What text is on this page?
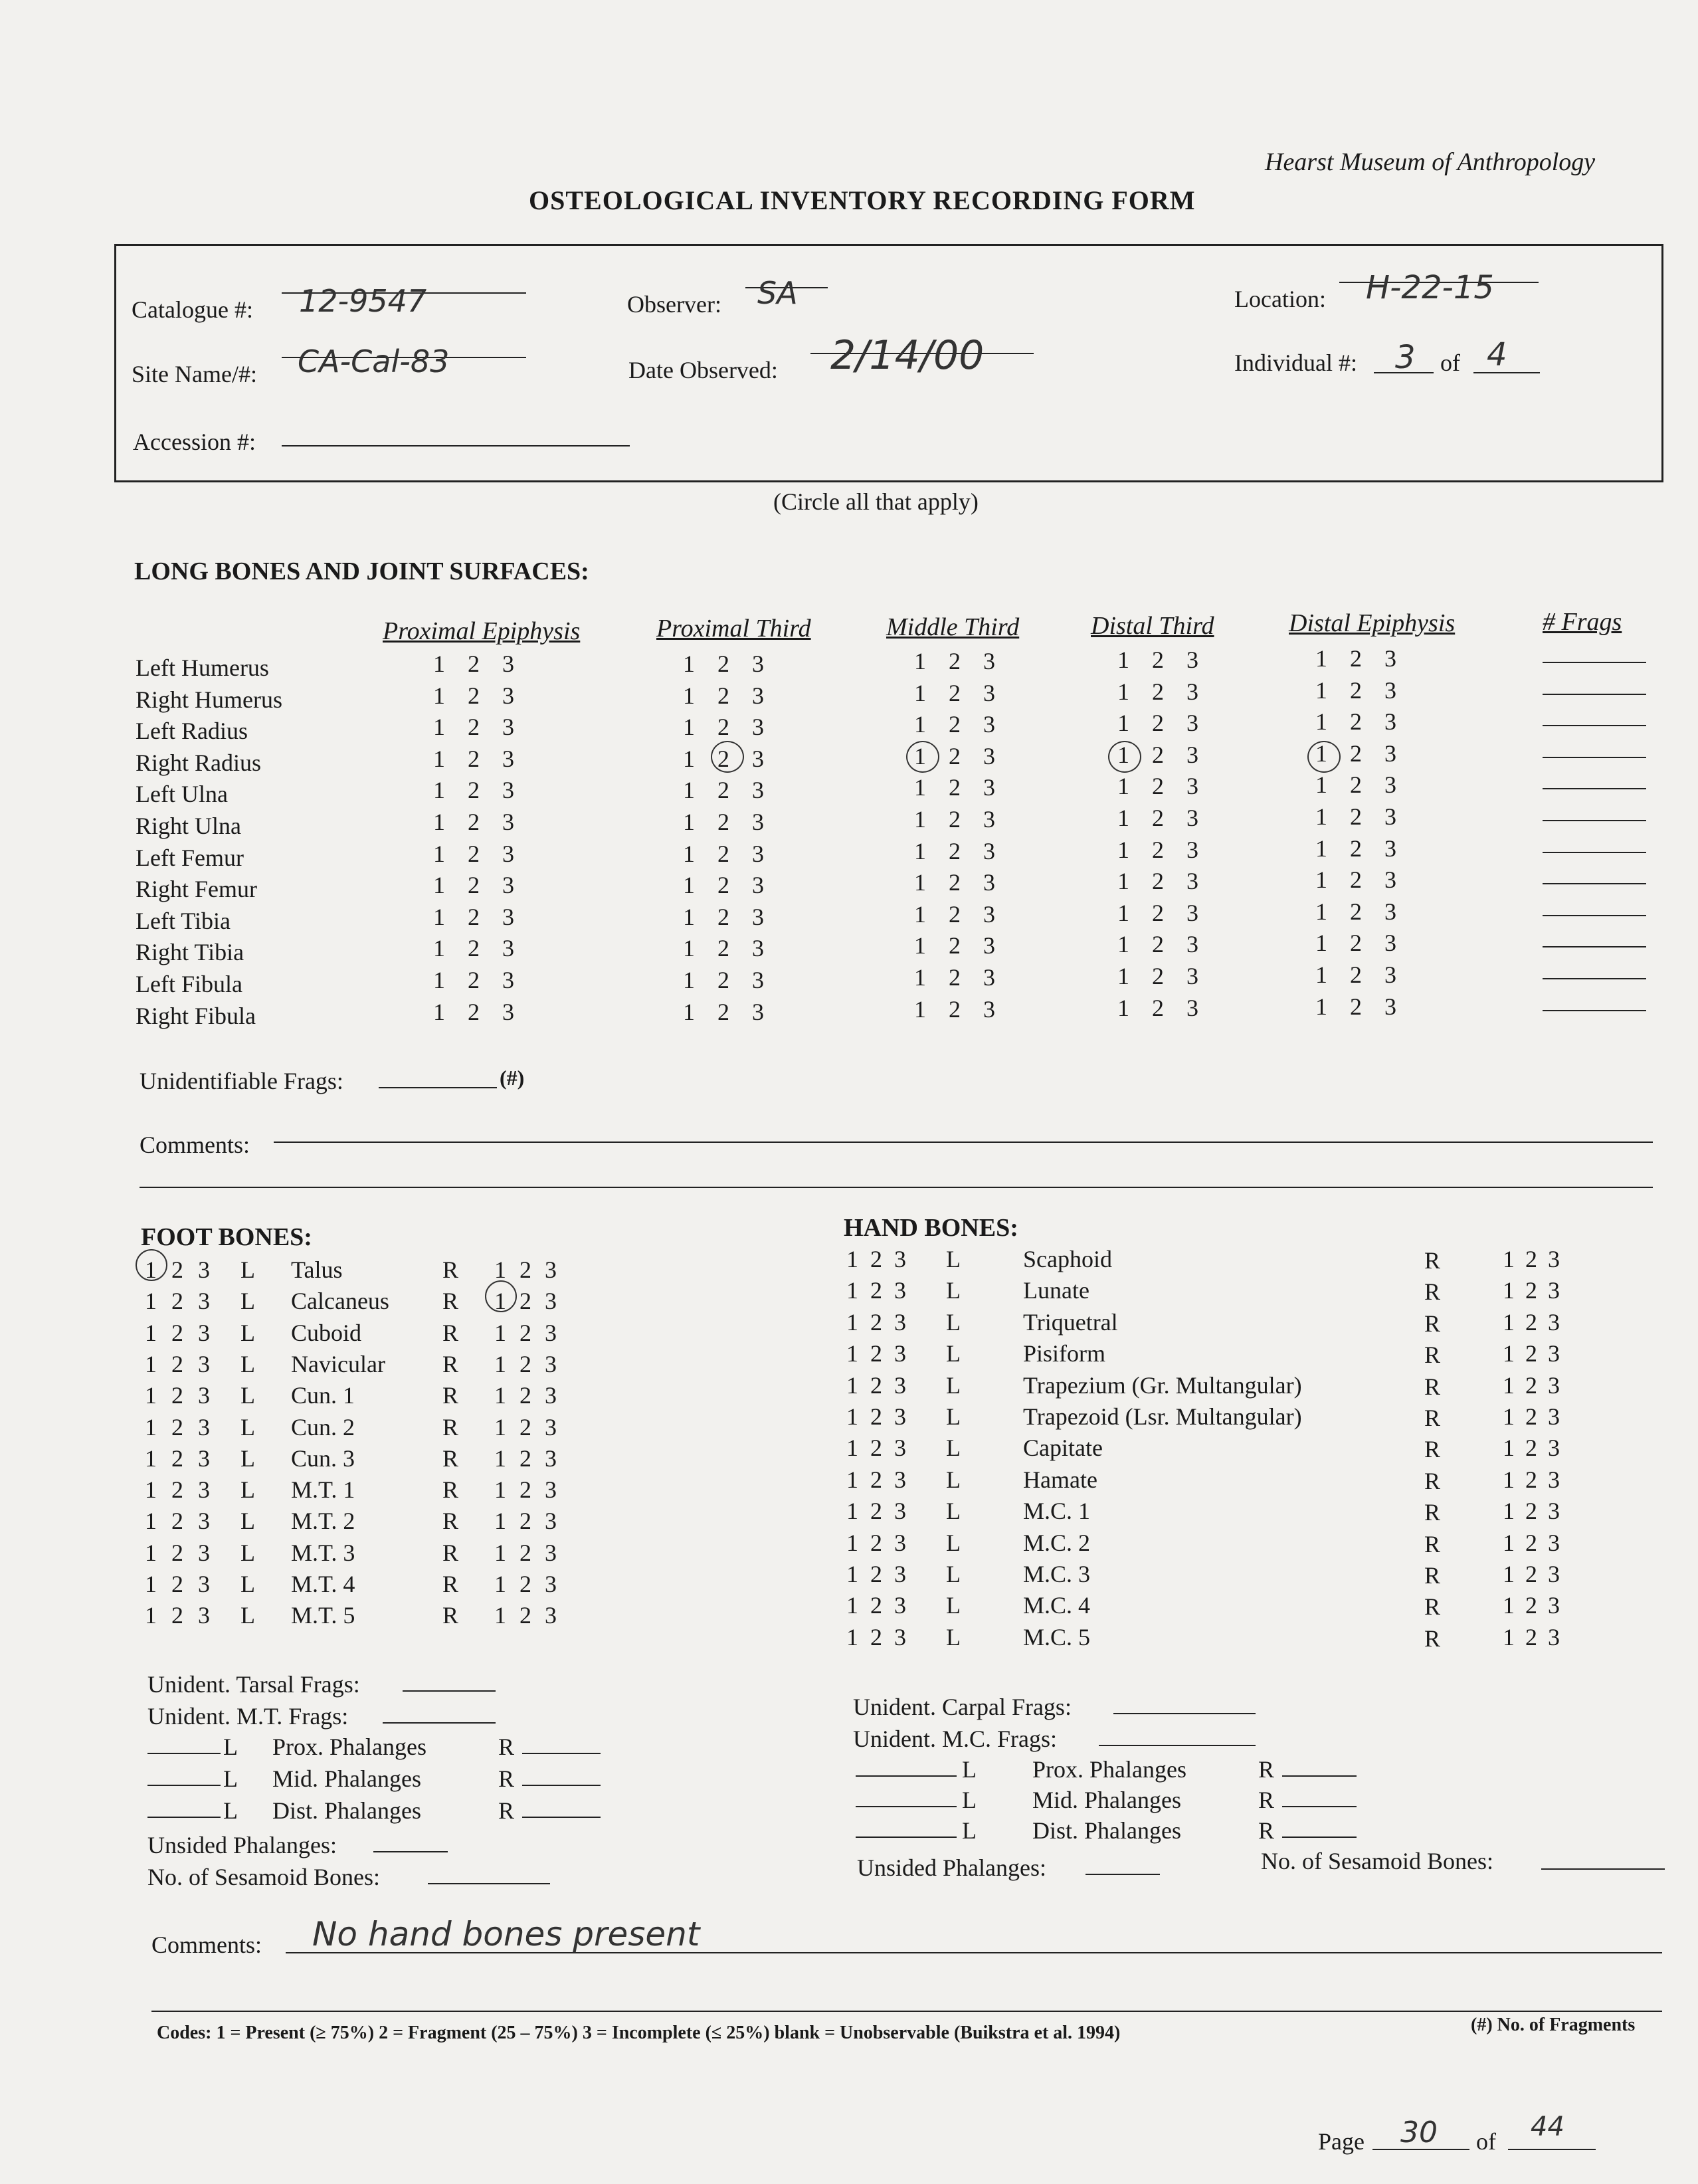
Hearst Museum of Anthropology
OSTEOLOGICAL INVENTORY RECORDING FORM
Catalogue #: 12-9547	Observer: SA	Location: H-22-15
Site Name/#: CA-Cal-83	Date Observed: 2/14/00	Individual #: 3 of 4
Accession #:
(Circle all that apply)
LONG BONES AND JOINT SURFACES:
Proximal Epiphysis	Proximal Third	Middle Third	Distal Third	Distal Epiphysis	# Frags
Left Humerus	1 2 3	1 2 3	1 2 3	1 2 3	1 2 3
Right Humerus	1 2 3	1 2 3	1 2 3	1 2 3	1 2 3
Left Radius	1 2 3	1 2 3	1 2 3	1 2 3	1 2 3
Right Radius	1 2 3	1 2 3	1 2 3	1 2 3	1 2 3
Left Ulna	1 2 3	1 2 3	1 2 3	1 2 3	1 2 3
Right Ulna	1 2 3	1 2 3	1 2 3	1 2 3	1 2 3
Left Femur	1 2 3	1 2 3	1 2 3	1 2 3	1 2 3
Right Femur	1 2 3	1 2 3	1 2 3	1 2 3	1 2 3
Left Tibia	1 2 3	1 2 3	1 2 3	1 2 3	1 2 3
Right Tibia	1 2 3	1 2 3	1 2 3	1 2 3	1 2 3
Left Fibula	1 2 3	1 2 3	1 2 3	1 2 3	1 2 3
Right Fibula	1 2 3	1 2 3	1 2 3	1 2 3	1 2 3
Unidentifiable Frags:	(#)
Comments:
FOOT BONES:
1 2 3 L Talus	R 1 2 3
1 2 3 L Calcaneus R 1 2 3
1 2 3 L Cuboid	R 1 2 3
1 2 3 L Navicular R 1 2 3
1 2 3 L Cun. 1	R 1 2 3
1 2 3 L Cun. 2	R 1 2 3
1 2 3 L Cun. 3	R 1 2 3
1 2 3 L M.T. 1	R 1 2 3
1 2 3 L M.T. 2	R 1 2 3
1 2 3 L M.T. 3	R 1 2 3
1 2 3 L M.T. 4	R 1 2 3
1 2 3 L M.T. 5	R 1 2 3
Unident. Tarsal Frags:
Unident. M.T. Frags:
L Prox. Phalanges	R
L Mid. Phalanges	R
L Dist. Phalanges	R
Unsided Phalanges:
No. of Sesamoid Bones:
HAND BONES:
1 2 3 L	Scaphoid	R	1 2 3
1 2 3 L	Lunate	R	1 2 3
1 2 3 L	Triquetral	R	1 2 3
1 2 3 L	Pisiform	R	1 2 3
1 2 3 L	Trapezium (Gr. Multangular)	R	1 2 3
1 2 3 L	Trapezoid (Lsr. Multangular)	R	1 2 3
1 2 3 L	Capitate	R	1 2 3
1 2 3 L	Hamate	R	1 2 3
1 2 3 L	M.C. 1	R	1 2 3
1 2 3 L	M.C. 2	R	1 2 3
1 2 3 L	M.C. 3	R	1 2 3
1 2 3 L	M.C. 4	R	1 2 3
1 2 3 L	M.C. 5	R	1 2 3
Unident. Carpal Frags:
Unident. M.C. Frags:
L Prox. Phalanges	R
L Mid. Phalanges	R
L Dist. Phalanges	R
Unsided Phalanges:	No. of Sesamoid Bones:
Comments: No hand bones present
Codes: 1 = Present (≥ 75%) 2 = Fragment (25 – 75%) 3 = Incomplete (≤ 25%) blank = Unobservable (Buikstra et al. 1994)	(#) No. of Fragments
Page 30 of 44
